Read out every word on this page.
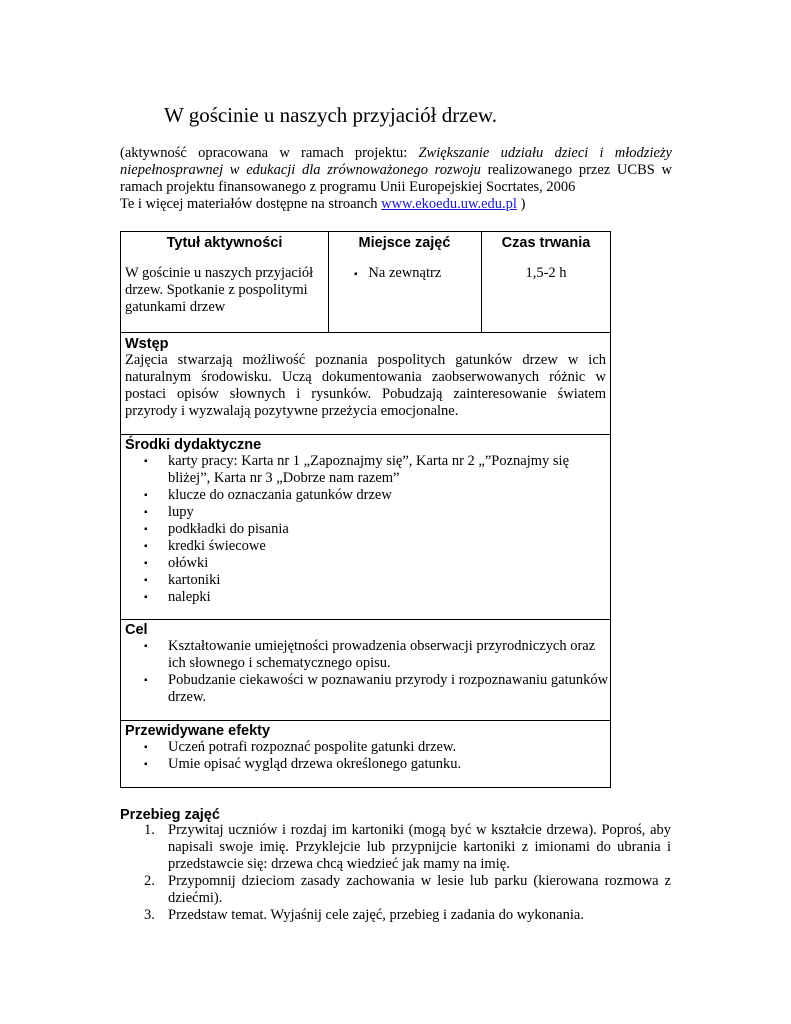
W gościnie u naszych przyjaciół drzew.

(aktywność opracowana w ramach projektu: Zwiększanie udziału dzieci i młodzieży niepełnosprawnej w edukacji dla zrównoważonego rozwoju realizowanego przez UCBS w ramach projektu finansowanego z programu Unii Europejskiej Socrtates, 2006

Te i więcej materiałów dostępne na stroanch www.ekoedu.uw.edu.pl )

Tytuł aktywności
W gościnie u naszych przyjaciół drzew. Spotkanie z pospolitymi gatunkami drzew
Miejsce zajęć
▪ Na zewnątrz
Czas trwania
1,5-2 h
Wstęp
Zajęcia stwarzają możliwość poznania pospolitych gatunków drzew w ich naturalnym środowisku. Uczą dokumentowania zaobserwowanych różnic w postaci opisów słownych i rysunków. Pobudzają zainteresowanie światem przyrody i wyzwalają pozytywne przeżycia emocjonalne.
Środki dydaktyczne
▪ karty pracy: Karta nr 1 „Zapoznajmy się”, Karta nr 2 „”Poznajmy się bliżej”, Karta nr 3 „Dobrze nam razem”
▪ klucze do oznaczania gatunków drzew
▪ lupy
▪ podkładki do pisania
▪ kredki świecowe
▪ ołówki
▪ kartoniki
▪ nalepki
Cel
▪ Kształtowanie umiejętności prowadzenia obserwacji przyrodniczych oraz ich słownego i schematycznego opisu.
▪ Pobudzanie ciekawości w poznawaniu przyrody i rozpoznawaniu gatunków drzew.
Przewidywane efekty
▪ Uczeń potrafi rozpoznać pospolite gatunki drzew.
▪ Umie opisać wygląd drzewa określonego gatunku.
Przebieg zajęć
1. Przywitaj uczniów i rozdaj im kartoniki (mogą być w kształcie drzewa). Poproś, aby napisali swoje imię. Przyklejcie lub przypnijcie kartoniki z imionami do ubrania i przedstawcie się: drzewa chcą wiedzieć jak mamy na imię.
2. Przypomnij dzieciom zasady zachowania w lesie lub parku (kierowana rozmowa z dziećmi).
3. Przedstaw temat. Wyjaśnij cele zajęć, przebieg i zadania do wykonania.
